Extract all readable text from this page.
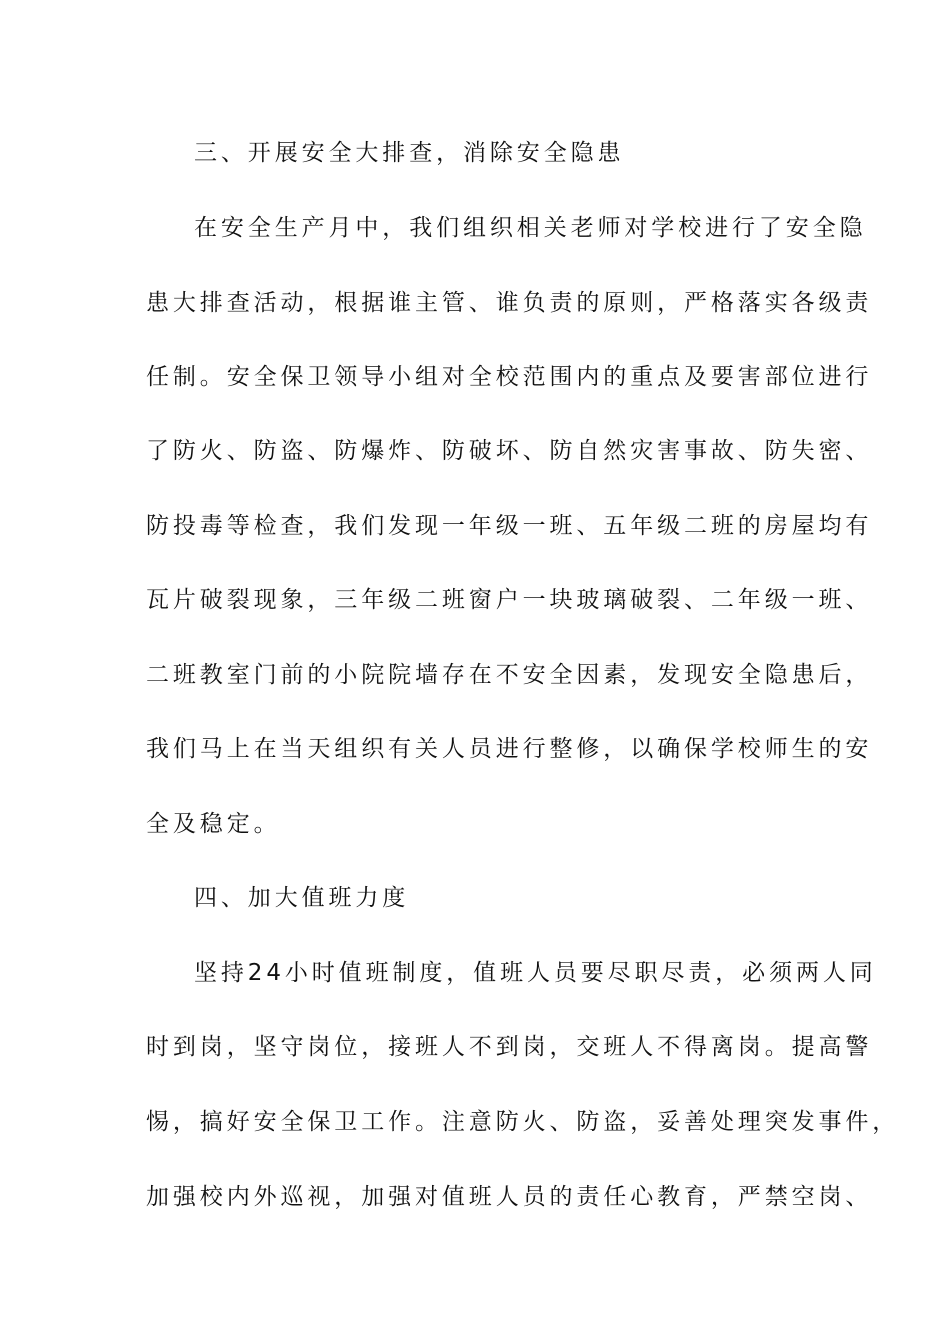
三、开展安全大排查，消除安全隐患
在安全生产月中，我们组织相关老师对学校进行了安全隐
患大排查活动，根据谁主管、谁负责的原则，严格落实各级责
任制。安全保卫领导小组对全校范围内的重点及要害部位进行
了防火、防盗、防爆炸、防破坏、防自然灾害事故、防失密、
防投毒等检查，我们发现一年级一班、五年级二班的房屋均有
瓦片破裂现象，三年级二班窗户一块玻璃破裂、二年级一班、
二班教室门前的小院院墙存在不安全因素，发现安全隐患后，
我们马上在当天组织有关人员进行整修，以确保学校师生的安
全及稳定。
四、加大值班力度
坚持24小时值班制度，值班人员要尽职尽责，必须两人同
时到岗，坚守岗位，接班人不到岗，交班人不得离岗。提高警
惕，搞好安全保卫工作。注意防火、防盗，妥善处理突发事件，
加强校内外巡视，加强对值班人员的责任心教育，严禁空岗、
